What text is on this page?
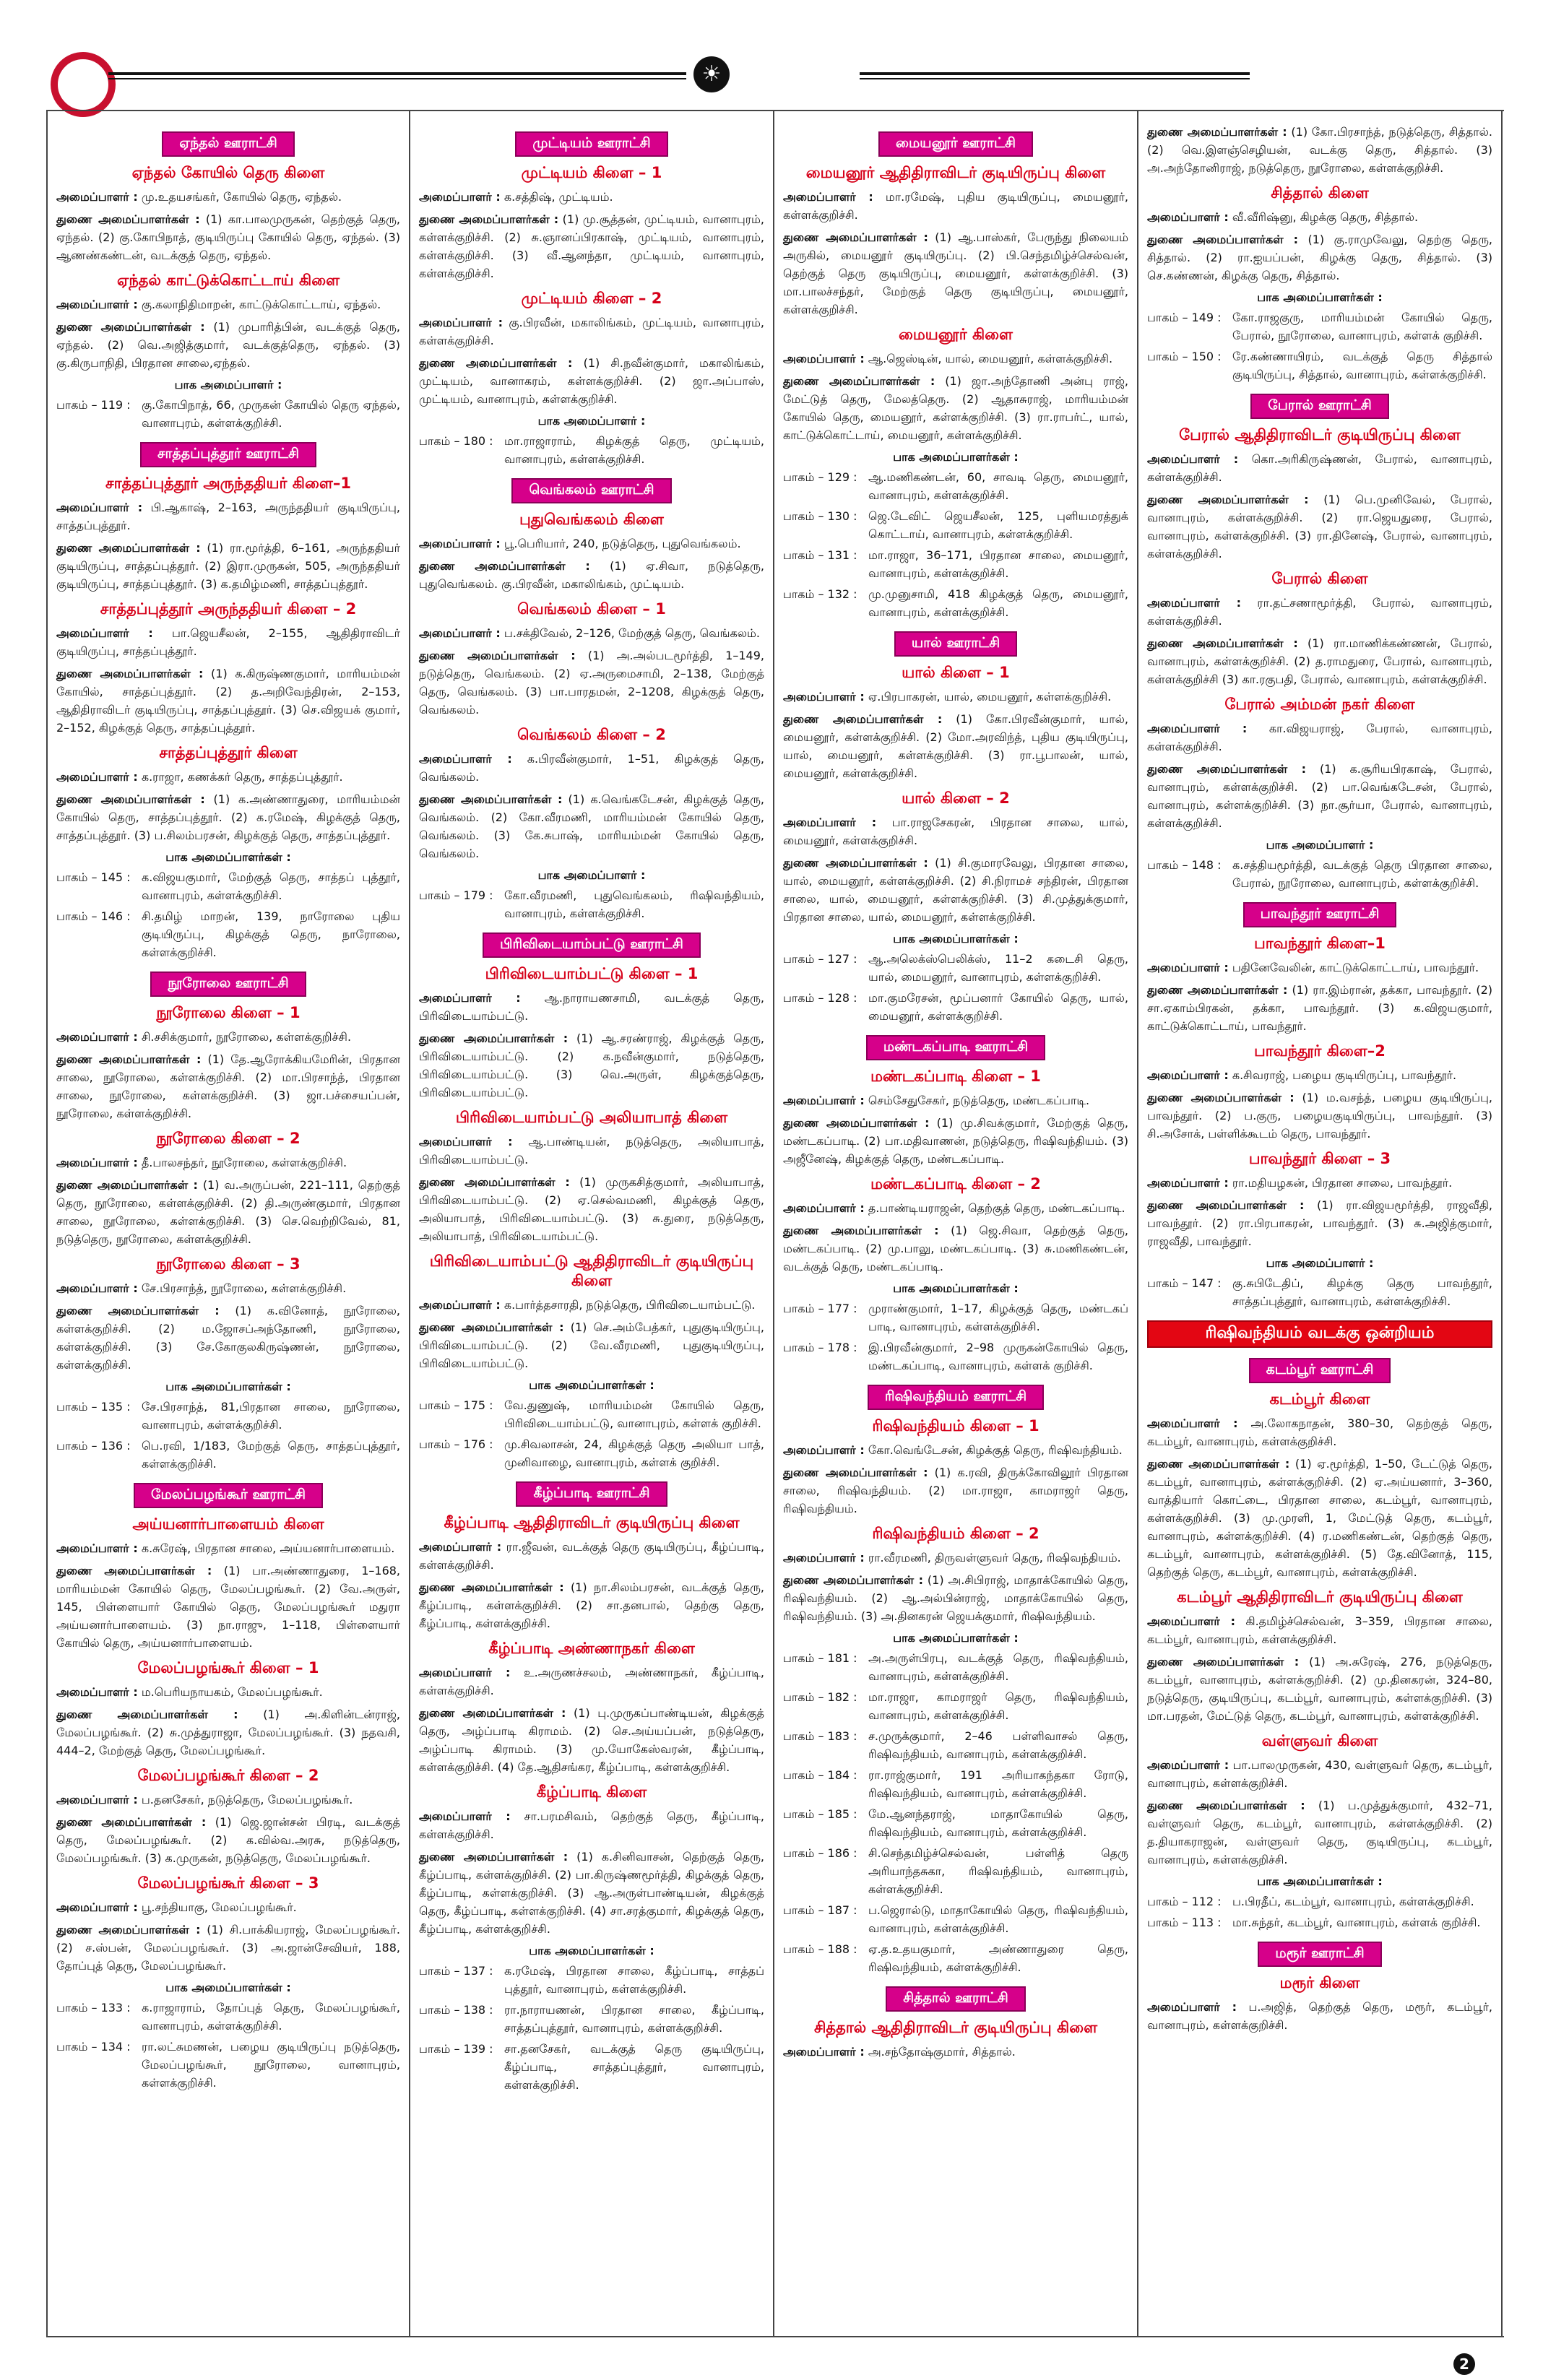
☀
ஏந்தல் ஊராட்சி
ஏந்தல் கோயில் தெரு கிளை
அமைப்பாளர் : மு.உதயசங்கர், கோயில் தெரு, ஏந்தல்.
துணை அமைப்பாளர்கள் : (1) கா.பாலமுருகன், தெற்குத் தெரு, ஏந்தல். (2) கு.கோபிநாத், குடியிருப்பு கோயில் தெரு, ஏந்தல். (3) ஆணண்கண்டன், வடக்குத் தெரு, ஏந்தல்.
ஏந்தல் காட்டுக்கொட்டாய் கிளை
அமைப்பாளர் : கு.கலாநிதிமாறன், காட்டுக்கொட்டாய், ஏந்தல்.
துணை அமைப்பாளர்கள் : (1) முபாரித்பின், வடக்குத் தெரு, ஏந்தல். (2) வெ.அஜித்குமார், வடக்குத்தெரு, ஏந்தல். (3) கு.கிருபாநிதி, பிரதான சாலை,ஏந்தல்.
பாக அமைப்பாளர் :
பாகம் – 119 : கு.கோபிநாத், 66, முருகன் கோயில் தெரு ஏந்தல், வானாபுரம், கள்ளக்குறிச்சி.
சாத்தப்புத்தூர் ஊராட்சி
சாத்தப்புத்தூர் அருந்ததியர் கிளை–1
அமைப்பாளர் : பி.ஆகாஷ், 2–163, அருந்ததியர் குடியிருப்பு, சாத்தப்புத்தூர்.
துணை அமைப்பாளர்கள் : (1) ரா.மூர்த்தி, 6–161, அருந்ததியர் குடியிருப்பு, சாத்தப்புத்தூர். (2) இரா.முருகன், 505, அருந்ததியர் குடியிருப்பு, சாத்தப்புத்தூர். (3) க.தமிழ்மணி, சாத்தப்புத்தூர்.
சாத்தப்புத்தூர் அருந்ததியர் கிளை – 2
அமைப்பாளர் : பா.ஜெயசீலன், 2–155, ஆதிதிராவிடர் குடியிருப்பு, சாத்தப்புத்தூர்.
துணை அமைப்பாளர்கள் : (1) க.கிருஷ்ணகுமார், மாரியம்மன் கோயில், சாத்தப்புத்தூர். (2) த.அறிவேந்திரன், 2–153, ஆதிதிராவிடர் குடியிருப்பு, சாத்தப்புத்தூர். (3) செ.விஜயக் குமார், 2–152, கிழக்குத் தெரு, சாத்தப்புத்தூர்.
சாத்தப்புத்தூர் கிளை
அமைப்பாளர் : க.ராஜா, கணக்கர் தெரு, சாத்தப்புத்தூர்.
துணை அமைப்பாளர்கள் : (1) க.அண்ணாதுரை, மாரியம்மன் கோயில் தெரு, சாத்தப்புத்தூர். (2) க.ரமேஷ், கிழக்குத் தெரு, சாத்தப்புத்தூர். (3) ப.சிலம்பரசன், கிழக்குத் தெரு, சாத்தப்புத்தூர்.
பாக அமைப்பாளர்கள் :
பாகம் – 145 : க.விஜயகுமார், மேற்குத் தெரு, சாத்தப் புத்தூர், வானாபுரம், கள்ளக்குறிச்சி.
பாகம் – 146 : சி.தமிழ் மாறன், 139, நாரோலை புதிய குடியிருப்பு, கிழக்குத் தெரு, நாரோலை, கள்ளக்குறிச்சி.
நூரோலை ஊராட்சி
நூரோலை கிளை – 1
அமைப்பாளர் : சி.சசிக்குமார், நூரோலை, கள்ளக்குறிச்சி.
துணை அமைப்பாளர்கள் : (1) தே.ஆரோக்கியமேரின், பிரதான சாலை, நூரோலை, கள்ளக்குறிச்சி. (2) மா.பிரசாந்த், பிரதான சாலை, நூரோலை, கள்ளக்குறிச்சி. (3) ஜா.பச்சையப்பன், நூரோலை, கள்ளக்குறிச்சி.
நூரோலை கிளை – 2
அமைப்பாளர் : தீ.பாலசந்தர், நூரோலை, கள்ளக்குறிச்சி.
துணை அமைப்பாளர்கள் : (1) வ.அருப்பன், 221–111, தெற்குத் தெரு, நூரோலை, கள்ளக்குறிச்சி. (2) தி.அருண்குமார், பிரதான சாலை, நூரோலை, கள்ளக்குறிச்சி. (3) செ.வெற்றிவேல், 81, நடுத்தெரு, நூரோலை, கள்ளக்குறிச்சி.
நூரோலை கிளை – 3
அமைப்பாளர் : சே.பிரசாந்த், நூரோலை, கள்ளக்குறிச்சி.
துணை அமைப்பாளர்கள் : (1) க.வினோத், நூரோலை, கள்ளக்குறிச்சி. (2) ம.ஜோசப்அந்தோணி, நூரோலை, கள்ளக்குறிச்சி. (3) சே.கோகுலகிருஷ்ணன், நூரோலை, கள்ளக்குறிச்சி.
பாக அமைப்பாளர்கள் :
பாகம் – 135 : சே.பிரசாந்த், 81,பிரதான சாலை, நூரோலை, வானாபுரம், கள்ளக்குறிச்சி.
பாகம் – 136 : பெ.ரவி, 1/183, மேற்குத் தெரு, சாத்தப்புத்தூர், கள்ளக்குறிச்சி.
மேலப்பழங்கூர் ஊராட்சி
அய்யனார்பாளையம் கிளை
அமைப்பாளர் : க.சுரேஷ், பிரதான சாலை, அய்யனார்பாளையம்.
துணை அமைப்பாளர்கள் : (1) பா.அண்ணாதுரை, 1–168, மாரியம்மன் கோயில் தெரு, மேலப்பழங்கூர். (2) வே.அருள், 145, பிள்ளையார் கோயில் தெரு, மேலப்பழங்கூர் மதுரா அய்யனார்பாளையம். (3) நா.ராஜு, 1–118, பிள்ளையார் கோயில் தெரு, அய்யனார்பாளையம்.
மேலப்பழங்கூர் கிளை – 1
அமைப்பாளர் : ம.பெரியநாயகம், மேலப்பழங்கூர்.
துணை அமைப்பாளர்கள் : (1) அ.கிளின்டன்ராஜ், மேலப்பழங்கூர். (2) சு.முத்துராஜா, மேலப்பழங்கூர். (3) நதவசி, 444–2, மேற்குத் தெரு, மேலப்பழங்கூர்.
மேலப்பழங்கூர் கிளை – 2
அமைப்பாளர் : ப.தனசேகர், நடுத்தெரு, மேலப்பழங்கூர்.
துணை அமைப்பாளர்கள் : (1) ஜெ.ஜான்சன் பிரடி, வடக்குத் தெரு, மேலப்பழங்கூர். (2) க.வில்வ.அரசு, நடுத்தெரு, மேலப்பழங்கூர். (3) க.முருகன், நடுத்தெரு, மேலப்பழங்கூர்.
மேலப்பழங்கூர் கிளை – 3
அமைப்பாளர் : பூ.சந்தியாகு, மேலப்பழங்கூர்.
துணை அமைப்பாளர்கள் : (1) சி.பாக்கியராஜ், மேலப்பழங்கூர். (2) ச.ஸ்பன், மேலப்பழங்கூர். (3) அ.ஜான்சேவியர், 188, தோப்புத் தெரு, மேலப்பழங்கூர்.
பாக அமைப்பாளர்கள் :
பாகம் – 133 : க.ராஜாராம், தோப்புத் தெரு, மேலப்பழங்கூர், வானாபுரம், கள்ளக்குறிச்சி.
பாகம் – 134 : ரா.லட்சுமணன், பழைய குடியிருப்பு நடுத்தெரு, மேலப்பழங்கூர், நூரோலை, வானாபுரம், கள்ளக்குறிச்சி.
முட்டியம் ஊராட்சி
முட்டியம் கிளை – 1
அமைப்பாளர் : க.சத்திஷ், முட்டியம்.
துணை அமைப்பாளர்கள் : (1) மு.சூத்தன், முட்டியம், வானாபுரம், கள்ளக்குறிச்சி. (2) சு.ஞானப்பிரகாஷ், முட்டியம், வானாபுரம், கள்ளக்குறிச்சி. (3) வீ.ஆனந்தா, முட்டியம், வானாபுரம், கள்ளக்குறிச்சி.
முட்டியம் கிளை – 2
அமைப்பாளர் : கு.பிரவீன், மகாலிங்கம், முட்டியம், வானாபுரம், கள்ளக்குறிச்சி.
துணை அமைப்பாளர்கள் : (1) சி.நவீன்குமார், மகாலிங்கம், முட்டியம், வானாகரம், கள்ளக்குறிச்சி. (2) ஜா.அப்பாஸ், முட்டியம், வானாபுரம், கள்ளக்குறிச்சி.
பாக அமைப்பாளர் :
பாகம் – 180 : மா.ராஜாராம், கிழக்குத் தெரு, முட்டியம், வானாபுரம், கள்ளக்குறிச்சி.
வெங்கலம் ஊராட்சி
புதுவெங்கலம் கிளை
அமைப்பாளர் : பூ.பெரியார், 240, நடுத்தெரு, புதுவெங்கலம்.
துணை அமைப்பாளர்கள் : (1) ஏ.சிவா, நடுத்தெரு, புதுவெங்கலம். கு.பிரவீன், மகாலிங்கம், முட்டியம்.
வெங்கலம் கிளை – 1
அமைப்பாளர் : ப.சக்திவேல், 2–126, மேற்குத் தெரு, வெங்கலம்.
துணை அமைப்பாளர்கள் : (1) அ.அல்படமூர்த்தி, 1–149, நடுத்தெரு, வெங்கலம். (2) ஏ.அருமைசாமி, 2–138, மேற்குத் தெரு, வெங்கலம். (3) பா.பாரதமன், 2–1208, கிழக்குத் தெரு, வெங்கலம்.
வெங்கலம் கிளை – 2
அமைப்பாளர் : க.பிரவீன்குமார், 1–51, கிழக்குத் தெரு, வெங்கலம்.
துணை அமைப்பாளர்கள் : (1) க.வெங்கடேசன், கிழக்குத் தெரு, வெங்கலம். (2) கோ.வீரமணி, மாரியம்மன் கோயில் தெரு, வெங்கலம். (3) கே.சுபாஷ், மாரியம்மன் கோயில் தெரு, வெங்கலம்.
பாக அமைப்பாளர் :
பாகம் – 179 : கோ.வீரமணி, புதுவெங்கலம், ரிஷிவந்தியம், வானாபுரம், கள்ளக்குறிச்சி.
பிரிவிடையாம்பட்டு ஊராட்சி
பிரிவிடையாம்பட்டு கிளை – 1
அமைப்பாளர் : ஆ.நாராயணசாமி, வடக்குத் தெரு, பிரிவிடையாம்பட்டு.
துணை அமைப்பாளர்கள் : (1) ஆ.சரண்ராஜ், கிழக்குத் தெரு, பிரிவிடையாம்பட்டு. (2) க.நவீன்குமார், நடுத்தெரு, பிரிவிடையாம்பட்டு. (3) வெ.அருள், கிழக்குத்தெரு, பிரிவிடையாம்பட்டு.
பிரிவிடையாம்பட்டு அலியாபாத் கிளை
அமைப்பாளர் : ஆ.பாண்டியன், நடுத்தெரு, அலியாபாத், பிரிவிடையாம்பட்டு.
துணை அமைப்பாளர்கள் : (1) முருகசித்குமார், அலியாபாத், பிரிவிடையாம்பட்டு. (2) ஏ.செல்வமணி, கிழக்குத் தெரு, அலியாபாத், பிரிவிடையாம்பட்டு. (3) சு.துரை, நடுத்தெரு, அலியாபாத், பிரிவிடையாம்பட்டு.
பிரிவிடையாம்பட்டு ஆதிதிராவிடர் குடியிருப்பு கிளை
அமைப்பாளர் : க.பார்த்தசாரதி, நடுத்தெரு, பிரிவிடையாம்பட்டு.
துணை அமைப்பாளர்கள் : (1) செ.அம்பேத்கர், புதுகுடியிருப்பு, பிரிவிடையாம்பட்டு. (2) வே.வீரமணி, புதுகுடியிருப்பு, பிரிவிடையாம்பட்டு.
பாக அமைப்பாளர்கள் :
பாகம் – 175 : வே.துணுஷ், மாரியம்மன் கோயில் தெரு, பிரிவிடையாம்பட்டு, வானாபுரம், கள்ளக் குறிச்சி.
பாகம் – 176 : மு.சிவலாசன், 24, கிழக்குத் தெரு அலியா பாத், முனிவாழை, வானாபுரம், கள்ளக் குறிச்சி.
கீழ்ப்பாடி ஊராட்சி
கீழ்ப்பாடி ஆதிதிராவிடர் குடியிருப்பு கிளை
அமைப்பாளர் : ரா.ஜீவன், வடக்குத் தெரு குடியிருப்பு, கீழ்ப்பாடி, கள்ளக்குறிச்சி.
துணை அமைப்பாளர்கள் : (1) நா.சிலம்பரசன், வடக்குத் தெரு, கீழ்ப்பாடி, கள்ளக்குறிச்சி. (2) சா.தனபால், தெற்கு தெரு, கீழ்ப்பாடி, கள்ளக்குறிச்சி.
கீழ்ப்பாடி அண்ணாநகர் கிளை
அமைப்பாளர் : உ.அருணச்சலம், அண்ணாநகர், கீழ்ப்பாடி, கள்ளக்குறிச்சி.
துணை அமைப்பாளர்கள் : (1) பு.முருகப்பாண்டியன், கிழக்குத் தெரு, அழ்ப்பாடி கிராமம். (2) செ.அய்யப்பன், நடுத்தெரு, அழ்ப்பாடி கிராமம். (3) மு.யோகேஸ்வரன், கீழ்ப்பாடி, கள்ளக்குறிச்சி. (4) தே.ஆதிசங்கர, கீழ்ப்பாடி, கள்ளக்குறிச்சி.
கீழ்ப்பாடி கிளை
அமைப்பாளர் : சா.பரமசிவம், தெற்குத் தெரு, கீழ்ப்பாடி, கள்ளக்குறிச்சி.
துணை அமைப்பாளர்கள் : (1) க.சினிவாசன், தெற்குத் தெரு, கீழ்ப்பாடி, கள்ளக்குறிச்சி. (2) பா.கிருஷ்ணமூர்த்தி, கிழக்குத் தெரு, கீழ்ப்பாடி, கள்ளக்குறிச்சி. (3) ஆ.அருள்பாண்டியன், கிழக்குத் தெரு, கீழ்ப்பாடி, கள்ளக்குறிச்சி. (4) சா.சரத்குமார், கிழக்குத் தெரு, கீழ்ப்பாடி, கள்ளக்குறிச்சி.
பாக அமைப்பாளர்கள் :
பாகம் – 137 : க.ரமேஷ், பிரதான சாலை, கீழ்ப்பாடி, சாத்தப் புத்தூர், வானாபுரம், கள்ளக்குறிச்சி.
பாகம் – 138 : ரா.நாராயணன், பிரதான சாலை, கீழ்ப்பாடி, சாத்தப்புத்தூர், வானாபுரம், கள்ளக்குறிச்சி.
பாகம் – 139 : சா.தனசேகர், வடக்குத் தெரு குடியிருப்பு, கீழ்ப்பாடி, சாத்தப்புத்தூர், வானாபுரம், கள்ளக்குறிச்சி.
மையனூர் ஊராட்சி
மையனூர் ஆதிதிராவிடர் குடியிருப்பு கிளை
அமைப்பாளர் : மா.ரமேஷ், புதிய குடியிருப்பு, மையனூர், கள்ளக்குறிச்சி.
துணை அமைப்பாளர்கள் : (1) ஆ.பாஸ்கர், பேருந்து நிலையம் அருகில், மையனூர் குடியிருப்பு. (2) பி.செந்தமிழ்ச்செல்வன், தெற்குத் தெரு குடியிருப்பு, மையனூர், கள்ளக்குறிச்சி. (3) மா.பாலச்சந்தர், மேற்குத் தெரு குடியிருப்பு, மையனூர், கள்ளக்குறிச்சி.
மையனூர் கிளை
அமைப்பாளர் : ஆ.ஜெஸ்டின், யால், மையனூர், கள்ளக்குறிச்சி.
துணை அமைப்பாளர்கள் : (1) ஜா.அந்தோணி அன்பு ராஜ், மேட்டுத் தெரு, மேலத்தெரு. (2) ஆதாசுராஜ், மாரியம்மன் கோயில் தெரு, மையனூர், கள்ளக்குறிச்சி. (3) ரா.ராபர்ட், யால், காட்டுக்கொட்டாய், மையனூர், கள்ளக்குறிச்சி.
பாக அமைப்பாளர்கள் :
பாகம் – 129 : ஆ.மணிகண்டன், 60, சாவடி தெரு, மையனூர், வானாபுரம், கள்ளக்குறிச்சி.
பாகம் – 130 : ஜெ.டேவிட் ஜெயசீலன், 125, புளியமரத்துக் கொட்டாய், வானாபுரம், கள்ளக்குறிச்சி.
பாகம் – 131 : மா.ராஜா, 36–171, பிரதான சாலை, மையனூர், வானாபுரம், கள்ளக்குறிச்சி.
பாகம் – 132 : மு.முனுசாமி, 418 கிழக்குத் தெரு, மையனூர், வானாபுரம், கள்ளக்குறிச்சி.
யால் ஊராட்சி
யால் கிளை – 1
அமைப்பாளர் : ஏ.பிரபாகரன், யால், மையனூர், கள்ளக்குறிச்சி.
துணை அமைப்பாளர்கள் : (1) கோ.பிரவீன்குமார், யால், மையனூர், கள்ளக்குறிச்சி. (2) மோ.அரவிந்த், புதிய குடியிருப்பு, யால், மையனூர், கள்ளக்குறிச்சி. (3) ரா.பூபாலன், யால், மையனூர், கள்ளக்குறிச்சி.
யால் கிளை – 2
அமைப்பாளர் : பா.ராஜசேகரன், பிரதான சாலை, யால், மையனூர், கள்ளக்குறிச்சி.
துணை அமைப்பாளர்கள் : (1) சி.குமாரவேலு, பிரதான சாலை, யால், மையனூர், கள்ளக்குறிச்சி. (2) சி.நிராமச் சந்திரன், பிரதான சாலை, யால், மையனூர், கள்ளக்குறிச்சி. (3) சி.முத்துக்குமார், பிரதான சாலை, யால், மையனூர், கள்ளக்குறிச்சி.
பாக அமைப்பாளர்கள் :
பாகம் – 127 : ஆ.அலெக்ஸ்பெலிக்ஸ், 11–2 கடைசி தெரு, யால், மையனூர், வானாபுரம், கள்ளக்குறிச்சி.
பாகம் – 128 : மா.குமரேசன், மூப்பனார் கோயில் தெரு, யால், மையனூர், கள்ளக்குறிச்சி.
மண்டகப்பாடி ஊராட்சி
மண்டகப்பாடி கிளை – 1
அமைப்பாளர் : செம்சேதுசேகர், நடுத்தெரு, மண்டகப்பாடி.
துணை அமைப்பாளர்கள் : (1) மு.சிவக்குமார், மேற்குத் தெரு, மண்டகப்பாடி. (2) பா.மதிவாணன், நடுத்தெரு, ரிஷிவந்தியம். (3) அஜீனேஷ், கிழக்குத் தெரு, மண்டகப்பாடி.
மண்டகப்பாடி கிளை – 2
அமைப்பாளர் : த.பாண்டியராஜன், தெற்குத் தெரு, மண்டகப்பாடி.
துணை அமைப்பாளர்கள் : (1) ஜெ.சிவா, தெற்குத் தெரு, மண்டகப்பாடி. (2) மு.பாலு, மண்டகப்பாடி. (3) சு.மணிகண்டன், வடக்குத் தெரு, மண்டகப்பாடி.
பாக அமைப்பாளர்கள் :
பாகம் – 177 : முராண்குமார், 1–17, கிழக்குத் தெரு, மண்டகப் பாடி, வானாபுரம், கள்ளக்குறிச்சி.
பாகம் – 178 : இ.பிரவீன்குமார், 2–98 முருகன்கோயில் தெரு, மண்டகப்பாடி, வானாபுரம், கள்ளக் குறிச்சி.
ரிஷிவந்தியம் ஊராட்சி
ரிஷிவந்தியம் கிளை – 1
அமைப்பாளர் : கோ.வெங்டேசன், கிழக்குத் தெரு, ரிஷிவந்தியம்.
துணை அமைப்பாளர்கள் : (1) க.ரவி, திருக்கோவிலூர் பிரதான சாலை, ரிஷிவந்தியம். (2) மா.ராஜா, காமராஜர் தெரு, ரிஷிவந்தியம்.
ரிஷிவந்தியம் கிளை – 2
அமைப்பாளர் : ரா.வீரமணி, திருவள்ளுவர் தெரு, ரிஷிவந்தியம்.
துணை அமைப்பாளர்கள் : (1) அ.சிபிராஜ், மாதாக்கோயில் தெரு, ரிஷிவந்தியம். (2) ஆ.அல்பின்ராஜ், மாதாக்கோயில் தெரு, ரிஷிவந்தியம். (3) அ.தினகரன் ஜெயக்குமார், ரிஷிவந்தியம்.
பாக அமைப்பாளர்கள் :
பாகம் – 181 : அ.அருள்பிரபு, வடக்குத் தெரு, ரிஷிவந்தியம், வானாபுரம், கள்ளக்குறிச்சி.
பாகம் – 182 : மா.ராஜா, காமராஜர் தெரு, ரிஷிவந்தியம், வானாபுரம், கள்ளக்குறிச்சி.
பாகம் – 183 : ச.முருக்குமார், 2–46 பள்ளிவாசல் தெரு, ரிஷிவந்தியம், வானாபுரம், கள்ளக்குறிச்சி.
பாகம் – 184 : ரா.ராஜ்குமார், 191 அரியாகந்தகா ரோடு, ரிஷிவந்தியம், வானாபுரம், கள்ளக்குறிச்சி.
பாகம் – 185 : மே.ஆனந்தராஜ், மாதாகோயில் தெரு, ரிஷிவந்தியம், வானாபுரம், கள்ளக்குறிச்சி.
பாகம் – 186 : சி.செந்தமிழ்ச்செல்வன், பள்ளித் தெரு அரியாந்தசுகா, ரிஷிவந்தியம், வானாபுரம், கள்ளக்குறிச்சி.
பாகம் – 187 : ப.ஜெரால்டு, மாதாகோயில் தெரு, ரிஷிவந்தியம், வானாபுரம், கள்ளக்குறிச்சி.
பாகம் – 188 : ஏ.த.உதயகுமார், அண்ணாதுரை தெரு, ரிஷிவந்தியம், கள்ளக்குறிச்சி.
சித்தால் ஊராட்சி
சித்தால் ஆதிதிராவிடர் குடியிருப்பு கிளை
அமைப்பாளர் : அ.சந்தோஷ்குமார், சித்தால்.
துணை அமைப்பாளர்கள் : (1) கோ.பிரசாந்த், நடுத்தெரு, சித்தால். (2) வெ.இளஞ்செழியன், வடக்கு தெரு, சித்தால். (3) அ.அந்தோனிராஜ், நடுத்தெரு, நூரோலை, கள்ளக்குறிச்சி.
சித்தால் கிளை
அமைப்பாளர் : வீ.வீரிஷ்னு, கிழக்கு தெரு, சித்தால்.
துணை அமைப்பாளர்கள் : (1) கு.ராமுவேலு, தெற்கு தெரு, சித்தால். (2) ரா.ஐயப்பன், கிழக்கு தெரு, சித்தால். (3) செ.கண்ணன், கிழக்கு தெரு, சித்தால்.
பாக அமைப்பாளர்கள் :
பாகம் – 149 : கோ.ராஜகுரு, மாரியம்மன் கோயில் தெரு, பேரால், நூரோலை, வானாபுரம், கள்ளக் குறிச்சி.
பாகம் – 150 : ரே.கண்ணாயிரம், வடக்குத் தெரு சித்தால் குடியிருப்பு, சித்தால், வானாபுரம், கள்ளக்குறிச்சி.
பேரால் ஊராட்சி
பேரால் ஆதிதிராவிடர் குடியிருப்பு கிளை
அமைப்பாளர் : கொ.அரிகிருஷ்ணன், பேரால், வானாபுரம், கள்ளக்குறிச்சி.
துணை அமைப்பாளர்கள் : (1) பெ.முனிவேல், பேரால், வானாபுரம், கள்ளக்குறிச்சி. (2) ரா.ஜெயதுரை, பேரால், வானாபுரம், கள்ளக்குறிச்சி. (3) ரா.தினேஷ், பேரால், வானாபுரம், கள்ளக்குறிச்சி.
பேரால் கிளை
அமைப்பாளர் : ரா.தட்சணாமூர்த்தி, பேரால், வானாபுரம், கள்ளக்குறிச்சி.
துணை அமைப்பாளர்கள் : (1) ரா.மாணிக்கண்ணன், பேரால், வானாபுரம், கள்ளக்குறிச்சி. (2) த.ராமதுரை, பேரால், வானாபுரம், கள்ளக்குறிச்சி (3) கா.ரகுபதி, பேரால், வானாபுரம், கள்ளக்குறிச்சி.
பேரால் அம்மன் நகர் கிளை
அமைப்பாளர் : கா.விஜயராஜ், பேரால், வானாபுரம், கள்ளக்குறிச்சி.
துணை அமைப்பாளர்கள் : (1) க.சூரியபிரகாஷ், பேரால், வானாபுரம், கள்ளக்குறிச்சி. (2) பா.வெங்கடேசன், பேரால், வானாபுரம், கள்ளக்குறிச்சி. (3) நா.சூர்யா, பேரால், வானாபுரம், கள்ளக்குறிச்சி.
பாக அமைப்பாளர் :
பாகம் – 148 : க.சத்தியமூர்த்தி, வடக்குத் தெரு பிரதான சாலை, பேரால், நூரோலை, வானாபுரம், கள்ளக்குறிச்சி.
பாவந்தூர் ஊராட்சி
பாவந்தூர் கிளை–1
அமைப்பாளர் : பதினேவேலின், காட்டுக்கொட்டாய், பாவந்தூர்.
துணை அமைப்பாளர்கள் : (1) ரா.இம்ரான், தக்கா, பாவந்தூர். (2) சா.ஏகாம்பிரகன், தக்கா, பாவந்தூர். (3) க.விஜயகுமார், காட்டுக்கொட்டாய், பாவந்தூர்.
பாவந்தூர் கிளை–2
அமைப்பாளர் : க.சிவராஜ், பழைய குடியிருப்பு, பாவந்தூர்.
துணை அமைப்பாளர்கள் : (1) ம.வசந்த், பழைய குடியிருப்பு, பாவந்தூர். (2) ப.குரு, பழையகுடியிருப்பு, பாவந்தூர். (3) சி.அசோக், பள்ளிக்கூடம் தெரு, பாவந்தூர்.
பாவந்தூர் கிளை – 3
அமைப்பாளர் : ரா.மதியழகன், பிரதான சாலை, பாவந்தூர்.
துணை அமைப்பாளர்கள் : (1) ரா.விஜயமூர்த்தி, ராஜவீதி, பாவந்தூர். (2) ரா.பிரபாகரன், பாவந்தூர். (3) சு.அஜித்குமார், ராஜவீதி, பாவந்தூர்.
பாக அமைப்பாளர் :
பாகம் – 147 : கு.சுபிடேதிப், கிழக்கு தெரு பாவந்தூர், சாத்தப்புத்தூர், வானாபுரம், கள்ளக்குறிச்சி.
ரிஷிவந்தியம் வடக்கு ஒன்றியம்
கடம்பூர் ஊராட்சி
கடம்பூர் கிளை
அமைப்பாளர் : அ.லோகநாதன், 380–30, தெற்குத் தெரு, கடம்பூர், வானாபுரம், கள்ளக்குறிச்சி.
துணை அமைப்பாளர்கள் : (1) ஏ.மூர்த்தி, 1–50, டேட்டுத் தெரு, கடம்பூர், வானாபுரம், கள்ளக்குறிச்சி. (2) ஏ.அய்யனார், 3–360, வாத்தியார் கொட்டை, பிரதான சாலை, கடம்பூர், வானாபுரம், கள்ளக்குறிச்சி. (3) மு.முரளி, 1, மேட்டுத் தெரு, கடம்பூர், வானாபுரம், கள்ளக்குறிச்சி. (4) ர.மணிகண்டன், தெற்குத் தெரு, கடம்பூர், வானாபுரம், கள்ளக்குறிச்சி. (5) தே.வினோத், 115, தெற்குத் தெரு, கடம்பூர், வானாபுரம், கள்ளக்குறிச்சி.
கடம்பூர் ஆதிதிராவிடர் குடியிருப்பு கிளை
அமைப்பாளர் : கி.தமிழ்ச்செல்வன், 3–359, பிரதான சாலை, கடம்பூர், வானாபுரம், கள்ளக்குறிச்சி.
துணை அமைப்பாளர்கள் : (1) அ.சுரேஷ், 276, நடுத்தெரு, கடம்பூர், வானாபுரம், கள்ளக்குறிச்சி. (2) மு.தினகரன், 324–80, நடுத்தெரு, குடியிருப்பு, கடம்பூர், வானாபுரம், கள்ளக்குறிச்சி. (3) மா.பரதன், மேட்டுத் தெரு, கடம்பூர், வானாபுரம், கள்ளக்குறிச்சி.
வள்ளுவர் கிளை
அமைப்பாளர் : பா.பாலமுருகன், 430, வள்ளுவர் தெரு, கடம்பூர், வானாபுரம், கள்ளக்குறிச்சி.
துணை அமைப்பாளர்கள் : (1) ப.முத்துக்குமார், 432–71, வள்ளுவர் தெரு, கடம்பூர், வானாபுரம், கள்ளக்குறிச்சி. (2) த.தியாகராஜன், வள்ளுவர் தெரு, குடியிருப்பு, கடம்பூர், வானாபுரம், கள்ளக்குறிச்சி.
பாக அமைப்பாளர்கள் :
பாகம் – 112 : ப.பிரதீப், கடம்பூர், வானாபுரம், கள்ளக்குறிச்சி.
பாகம் – 113 : மா.சுந்தர், கடம்பூர், வானாபுரம், கள்ளக் குறிச்சி.
மரூர் ஊராட்சி
மரூர் கிளை
அமைப்பாளர் : ப.அஜித், தெற்குத் தெரு, மரூர், கடம்பூர், வானாபுரம், கள்ளக்குறிச்சி.
2
